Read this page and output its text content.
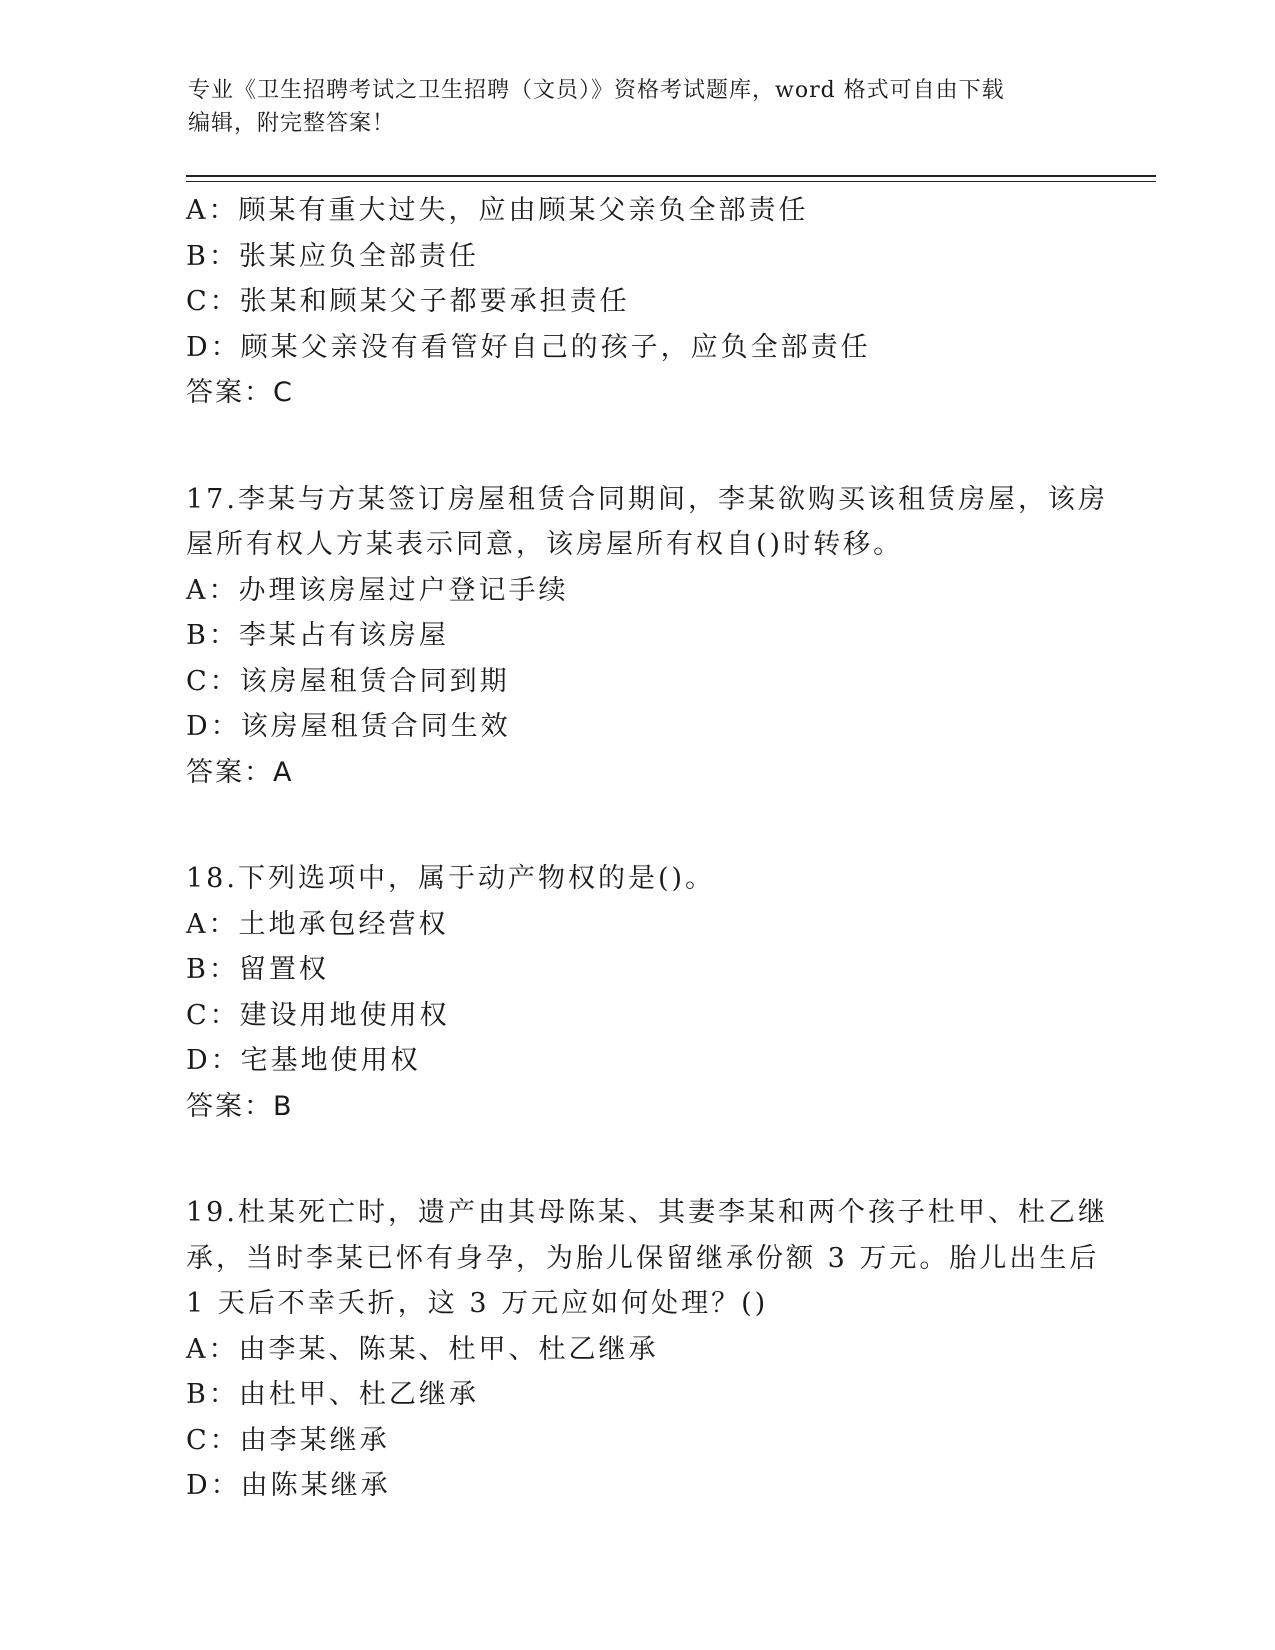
专业《卫生招聘考试之卫生招聘（文员）》资格考试题库，word 格式可自由下载
编辑，附完整答案！
A：顾某有重大过失，应由顾某父亲负全部责任
B：张某应负全部责任
C：张某和顾某父子都要承担责任
D：顾某父亲没有看管好自己的孩子，应负全部责任
答案：C
17.李某与方某签订房屋租赁合同期间，李某欲购买该租赁房屋，该房
屋所有权人方某表示同意，该房屋所有权自()时转移。
A：办理该房屋过户登记手续
B：李某占有该房屋
C：该房屋租赁合同到期
D：该房屋租赁合同生效
答案：A
18.下列选项中，属于动产物权的是()。
A：土地承包经营权
B：留置权
C：建设用地使用权
D：宅基地使用权
答案：B
19.杜某死亡时，遗产由其母陈某、其妻李某和两个孩子杜甲、杜乙继
承，当时李某已怀有身孕，为胎儿保留继承份额 3 万元。胎儿出生后
1 天后不幸夭折，这 3 万元应如何处理？()
A：由李某、陈某、杜甲、杜乙继承
B：由杜甲、杜乙继承
C：由李某继承
D：由陈某继承
